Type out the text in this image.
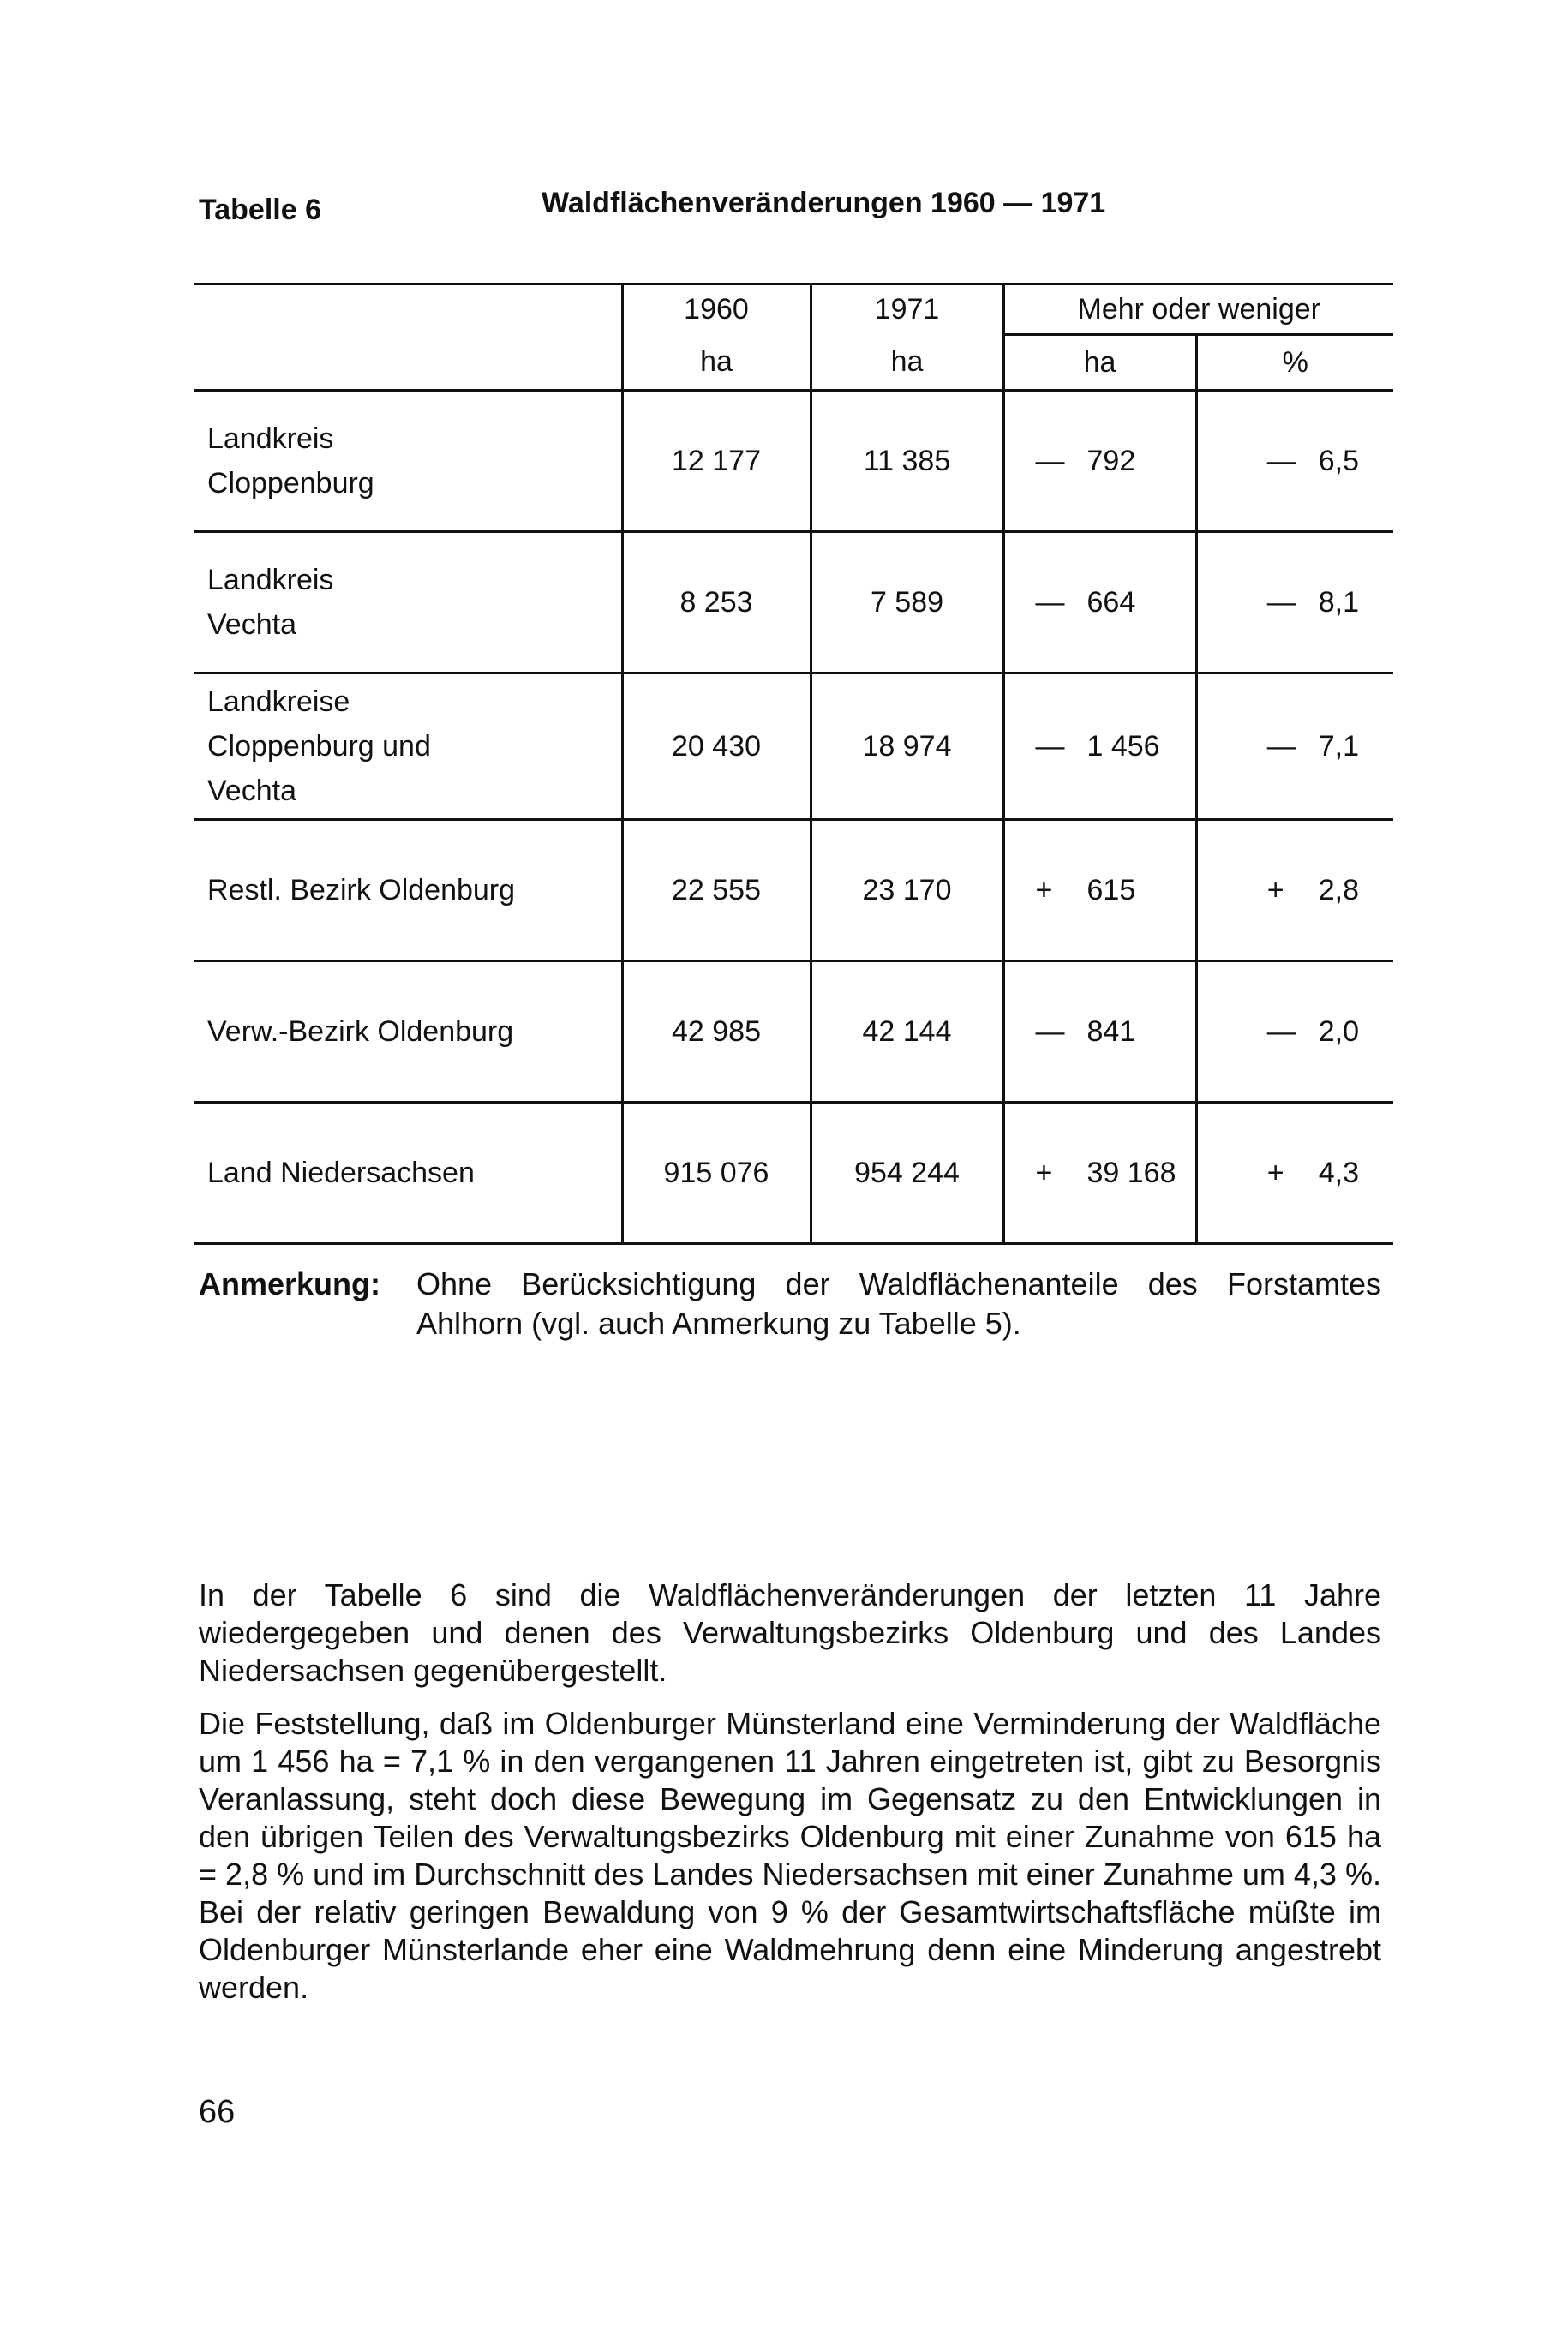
Tabelle 6	Waldflächenveränderungen 1960 — 1971
	1960	1971	Mehr oder weniger	
	ha	ha	ha	%

Landkreis
Cloppenburg	12 177	11 385	— 792	— 6,5

Landkreis
Vechta	8 253	7 589	— 664	— 8,1

Landkreise
Cloppenburg und
Vechta	20 430	18 974	— 1 456	— 7,1

Restl. Bezirk Oldenburg	22 555	23 170	+ 615	+ 2,8

Verw.-Bezirk Oldenburg	42 985	42 144	— 841	— 2,0

Land Niedersachsen	915 076	954 244	+ 39 168	+ 4,3
Anmerkung: Ohne Berücksichtigung der Waldflächenanteile des Forstamtes Ahlhorn (vgl. auch Anmerkung zu Tabelle 5).

In der Tabelle 6 sind die Waldflächenveränderungen der letzten 11 Jahre wiedergegeben und denen des Verwaltungsbezirks Oldenburg und des Landes Niedersachsen gegenübergestellt.

Die Feststellung, daß im Oldenburger Münsterland eine Verminderung der Waldfläche um 1 456 ha = 7,1 % in den vergangenen 11 Jahren eingetreten ist, gibt zu Besorgnis Veranlassung, steht doch diese Bewegung im Gegensatz zu den Entwicklungen in den übrigen Teilen des Verwaltungsbezirks Oldenburg mit einer Zunahme von 615 ha = 2,8 % und im Durchschnitt des Landes Niedersachsen mit einer Zunahme um 4,3 %. Bei der relativ geringen Bewaldung von 9 % der Gesamtwirtschaftsfläche müßte im Oldenburger Münsterlande eher eine Waldmehrung denn eine Minderung angestrebt werden.

66
